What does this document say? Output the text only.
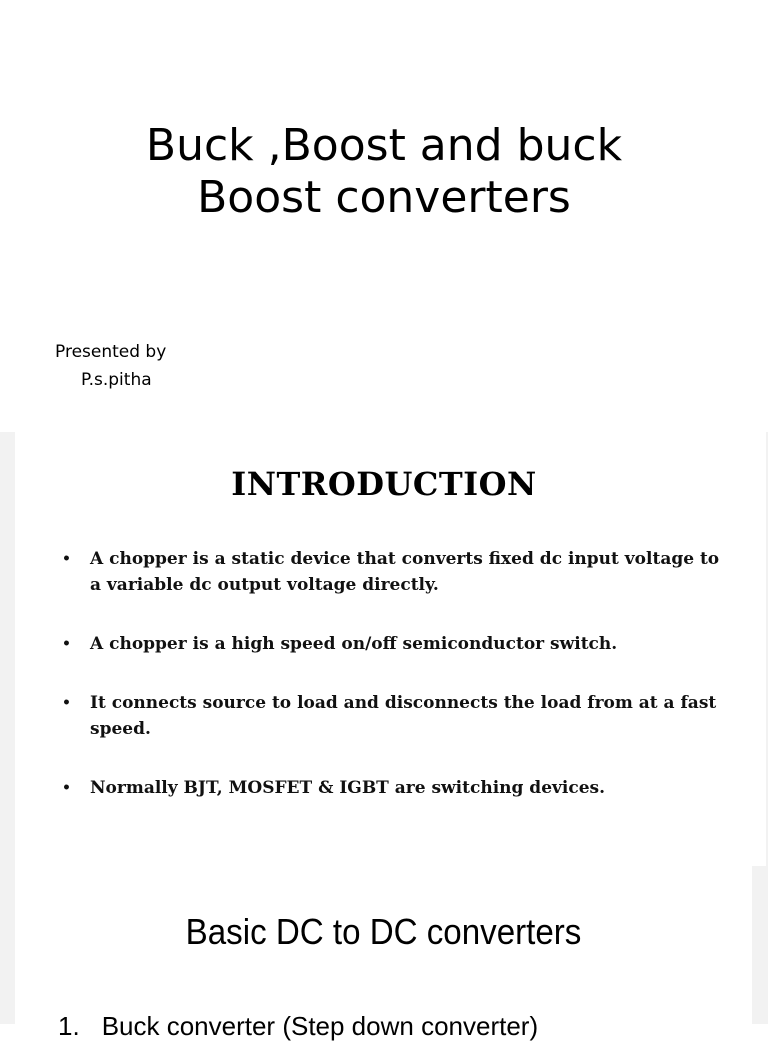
Buck ,Boost and buck
Boost converters
Presented by
P.s.pitha
INTRODUCTION
• A chopper is a static device that converts fixed dc input voltage to a variable dc output voltage directly.
• A chopper is a high speed on/off semiconductor switch.
• It connects source to load and disconnects the load from at a fast speed.
• Normally BJT, MOSFET & IGBT are switching devices.
Basic DC to DC converters
1. Buck converter (Step down converter)
